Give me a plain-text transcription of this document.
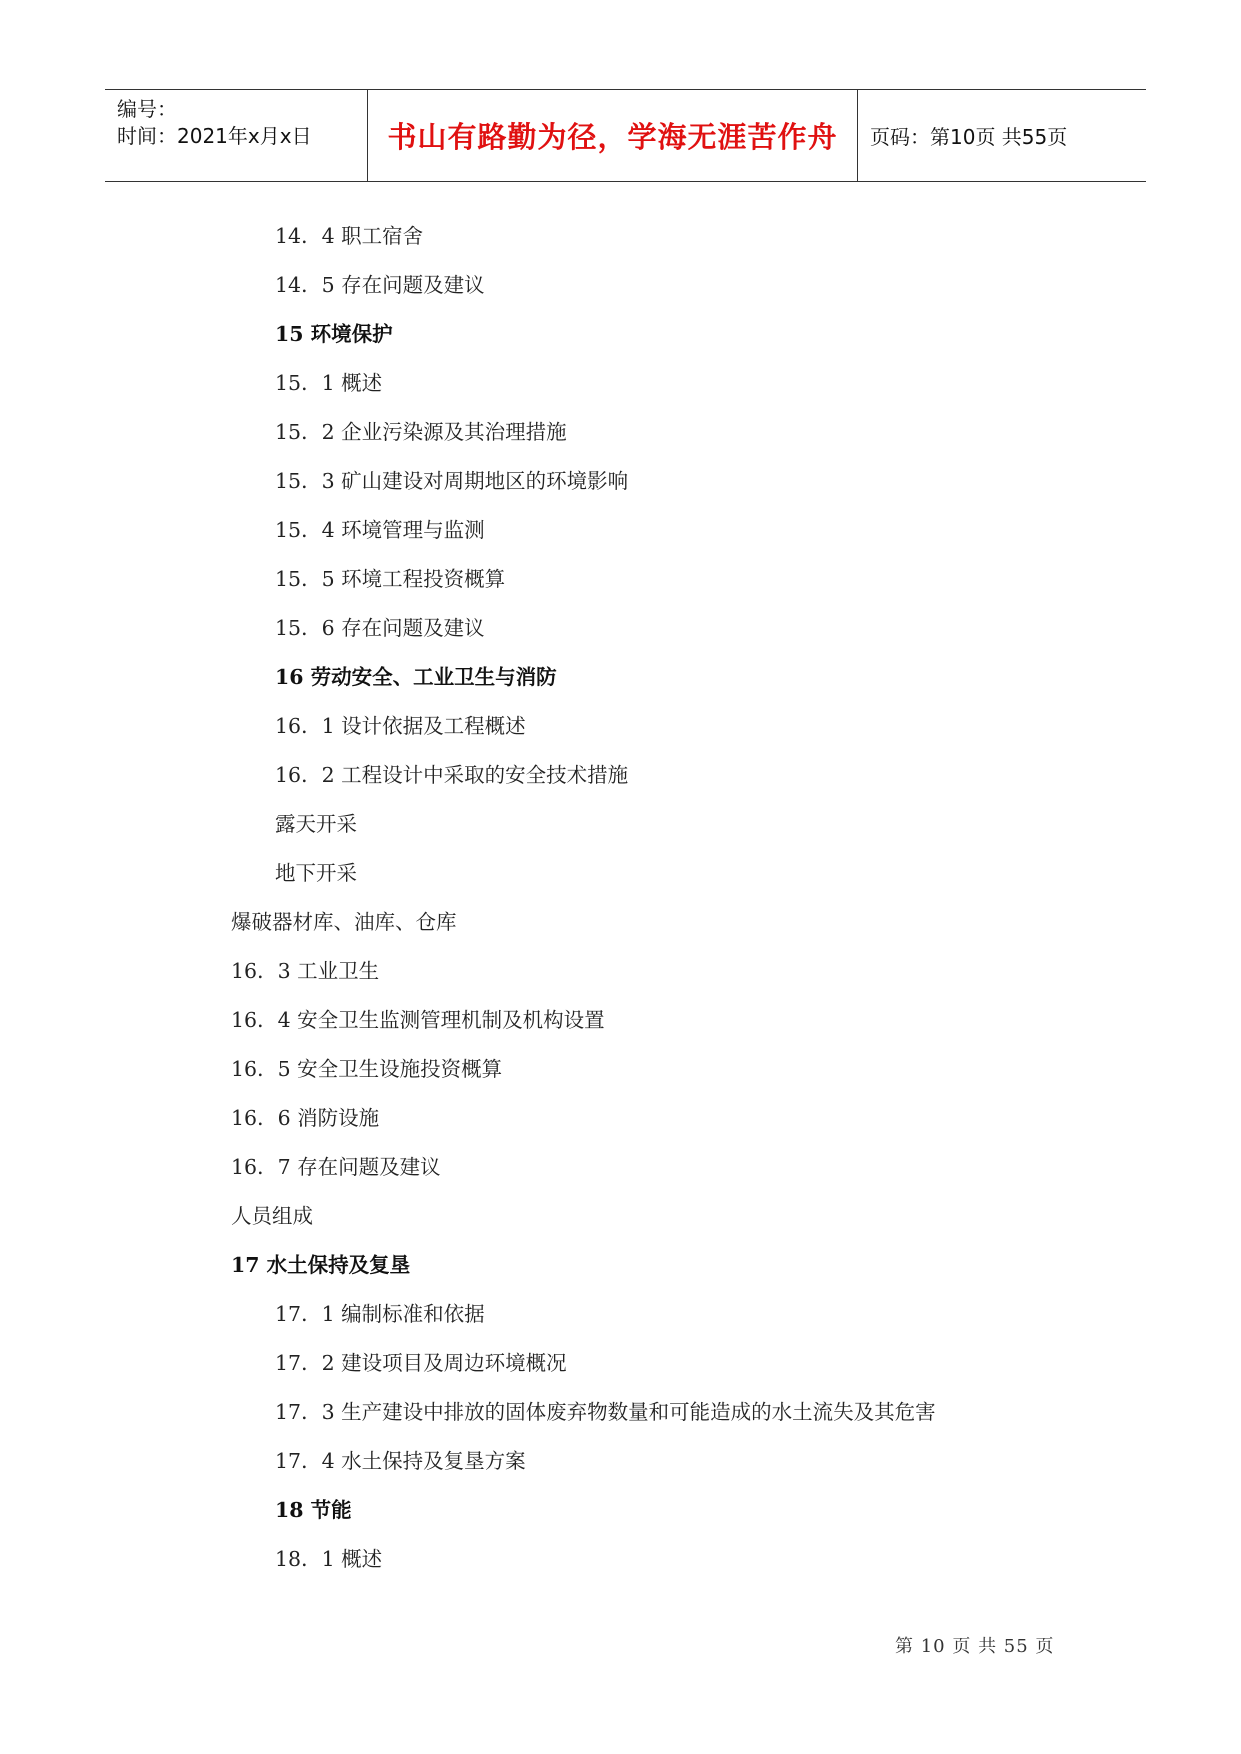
编号：
时间：2021年x月x日	书山有路勤为径，学海无涯苦作舟 页码：第10页 共55页
14．4 职工宿舍
14．5 存在问题及建议
15 环境保护
15．1 概述
15．2 企业污染源及其治理措施
15．3 矿山建设对周期地区的环境影响
15．4 环境管理与监测
15．5 环境工程投资概算
15．6 存在问题及建议
16 劳动安全、工业卫生与消防
16．1 设计依据及工程概述
16．2 工程设计中采取的安全技术措施
露天开采
地下开采
爆破器材库、油库、仓库
16．3 工业卫生
16．4 安全卫生监测管理机制及机构设置
16．5 安全卫生设施投资概算
16．6 消防设施
16．7 存在问题及建议
人员组成
17 水土保持及复垦
17．1 编制标准和依据
17．2 建设项目及周边环境概况
17．3 生产建设中排放的固体废弃物数量和可能造成的水土流失及其危害
17．4 水土保持及复垦方案
18 节能
18．1 概述
第 10 页 共 55 页
